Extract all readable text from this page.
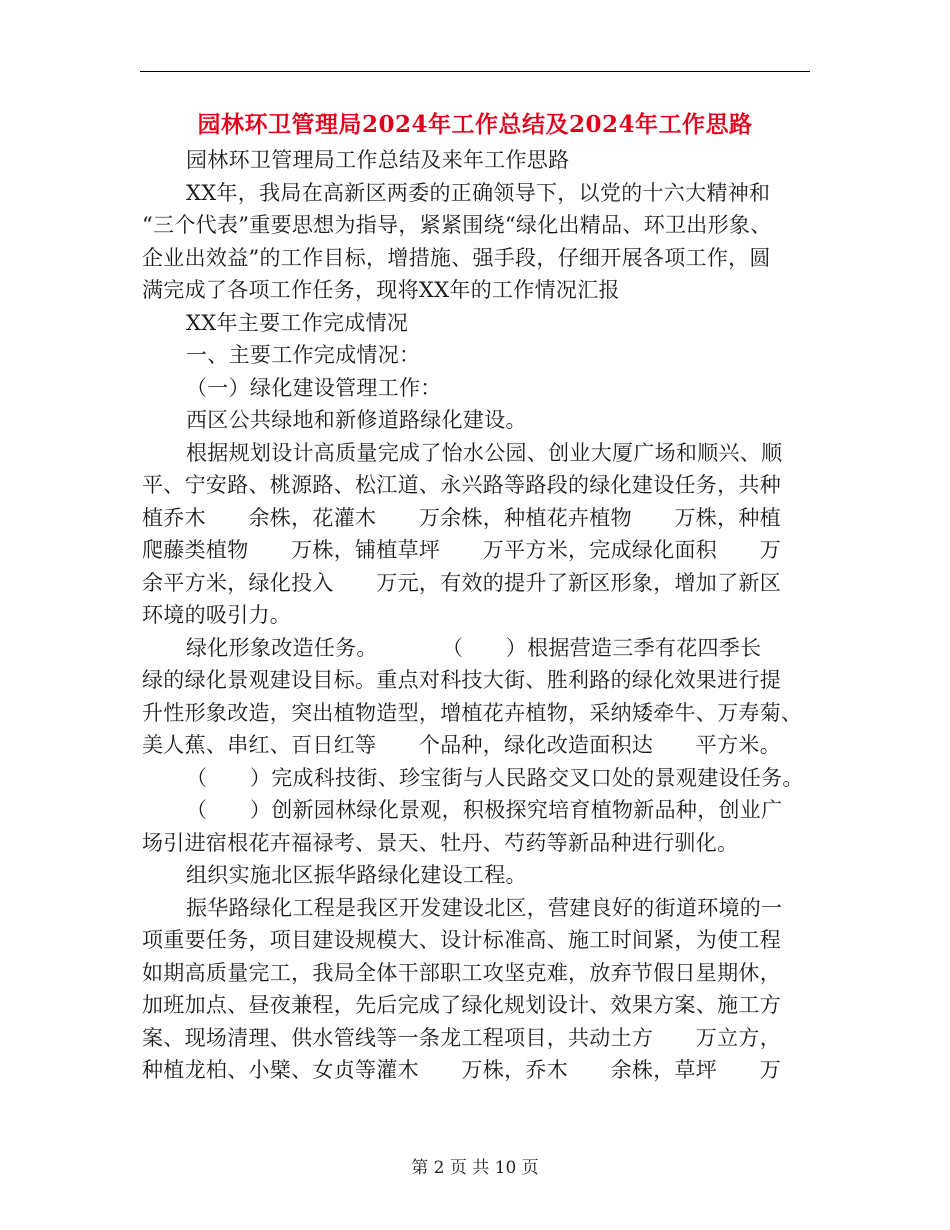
园林环卫管理局2024年工作总结及2024年工作思路
园林环卫管理局工作总结及来年工作思路
XX年，我局在高新区两委的正确领导下，以党的十六大精神和
“三个代表”重要思想为指导，紧紧围绕“绿化出精品、环卫出形象、
企业出效益”的工作目标，增措施、强手段，仔细开展各项工作，圆
满完成了各项工作任务，现将XX年的工作情况汇报
XX年主要工作完成情况
一、主要工作完成情况：
（一）绿化建设管理工作：
西区公共绿地和新修道路绿化建设。
根据规划设计高质量完成了怡水公园、创业大厦广场和顺兴、顺
平、宁安路、桃源路、松江道、永兴路等路段的绿化建设任务，共种
植乔木　　余株，花灌木　　万余株，种植花卉植物　　万株，种植
爬藤类植物　　万株，铺植草坪　　万平方米，完成绿化面积　　万
余平方米，绿化投入　　万元，有效的提升了新区形象，增加了新区
环境的吸引力。
绿化形象改造任务。　　　　（　　）根据营造三季有花四季长
绿的绿化景观建设目标。重点对科技大街、胜利路的绿化效果进行提
升性形象改造，突出植物造型，增植花卉植物，采纳矮牵牛、万寿菊、
美人蕉、串红、百日红等　　个品种，绿化改造面积达　　平方米。
（　　）完成科技街、珍宝街与人民路交叉口处的景观建设任务。
（　　）创新园林绿化景观，积极探究培育植物新品种，创业广
场引进宿根花卉福禄考、景天、牡丹、芍药等新品种进行驯化。
组织实施北区振华路绿化建设工程。
振华路绿化工程是我区开发建设北区，营建良好的街道环境的一
项重要任务，项目建设规模大、设计标准高、施工时间紧，为使工程
如期高质量完工，我局全体干部职工攻坚克难，放弃节假日星期休，
加班加点、昼夜兼程，先后完成了绿化规划设计、效果方案、施工方
案、现场清理、供水管线等一条龙工程项目，共动土方　　万立方，
种植龙柏、小檗、女贞等灌木　　万株，乔木　　余株，草坪　　万
第 2 页 共 10 页
